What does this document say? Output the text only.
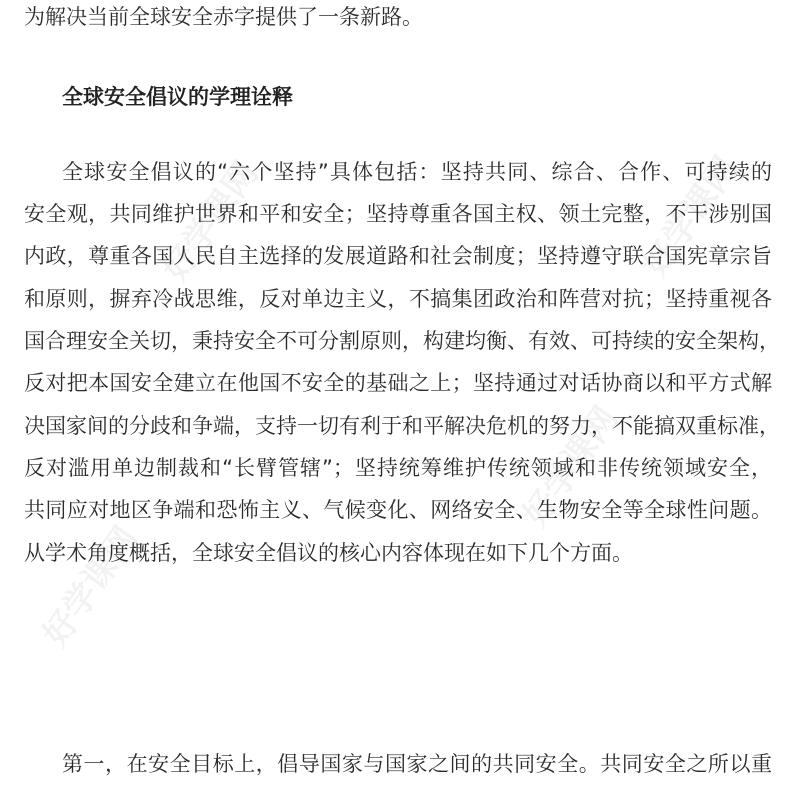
为解决当前全球安全赤字提供了一条新路。
全球安全倡议的学理诠释
全球安全倡议的“六个坚持”具体包括：坚持共同、综合、合作、可持续的
安全观，共同维护世界和平和安全；坚持尊重各国主权、领土完整，不干涉别国
内政，尊重各国人民自主选择的发展道路和社会制度；坚持遵守联合国宪章宗旨
和原则，摒弃冷战思维，反对单边主义，不搞集团政治和阵营对抗；坚持重视各
国合理安全关切，秉持安全不可分割原则，构建均衡、有效、可持续的安全架构，
反对把本国安全建立在他国不安全的基础之上；坚持通过对话协商以和平方式解
决国家间的分歧和争端，支持一切有利于和平解决危机的努力，不能搞双重标准，
反对滥用单边制裁和“长臂管辖”；坚持统筹维护传统领域和非传统领域安全，
共同应对地区争端和恐怖主义、气候变化、网络安全、生物安全等全球性问题。
从学术角度概括，全球安全倡议的核心内容体现在如下几个方面。
第一，在安全目标上，倡导国家与国家之间的共同安全。共同安全之所以重
好学课网	好学课网
好学课网
好学课网
